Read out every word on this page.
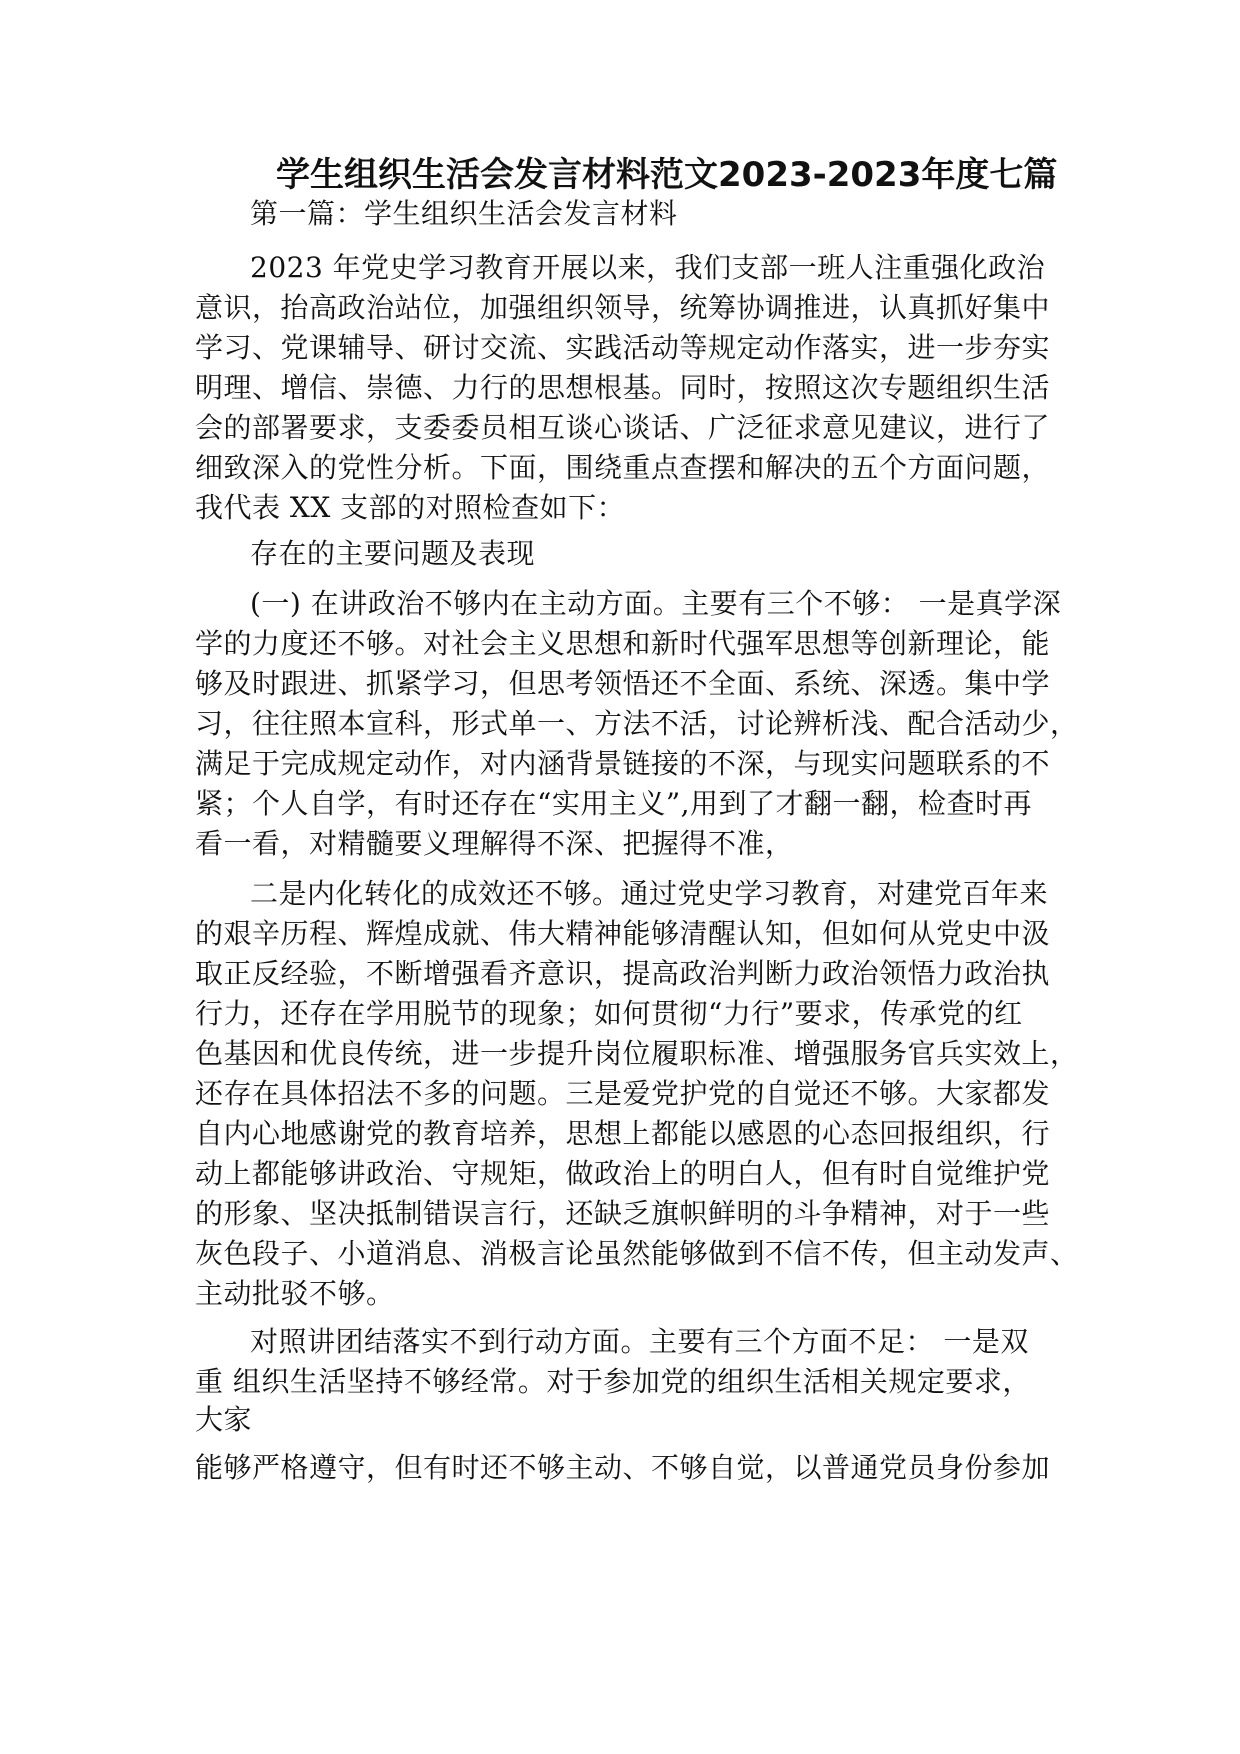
学生组织生活会发言材料范文2023-2023年度七篇
第一篇：学生组织生活会发言材料
2023 年党史学习教育开展以来，我们支部一班人注重强化政治
意识，抬高政治站位，加强组织领导，统筹协调推进，认真抓好集中
学习、党课辅导、研讨交流、实践活动等规定动作落实，进一步夯实
明理、增信、崇德、力行的思想根基。同时，按照这次专题组织生活
会的部署要求，支委委员相互谈心谈话、广泛征求意见建议，进行了
细致深入的党性分析。下面，围绕重点查摆和解决的五个方面问题，
我代表 XX 支部的对照检查如下：
存在的主要问题及表现
(一) 在讲政治不够内在主动方面。主要有三个不够： 一是真学深
学的力度还不够。对社会主义思想和新时代强军思想等创新理论，能
够及时跟进、抓紧学习，但思考领悟还不全面、系统、深透。集中学
习，往往照本宣科，形式单一、方法不活，讨论辨析浅、配合活动少，
满足于完成规定动作，对内涵背景链接的不深，与现实问题联系的不
紧；个人自学，有时还存在“实用主义”,用到了才翻一翻，检查时再
看一看，对精髓要义理解得不深、把握得不准，
二是内化转化的成效还不够。通过党史学习教育，对建党百年来
的艰辛历程、辉煌成就、伟大精神能够清醒认知，但如何从党史中汲
取正反经验，不断增强看齐意识，提高政治判断力政治领悟力政治执
行力，还存在学用脱节的现象；如何贯彻“力行”要求，传承党的红
色基因和优良传统，进一步提升岗位履职标准、增强服务官兵实效上，
还存在具体招法不多的问题。三是爱党护党的自觉还不够。大家都发
自内心地感谢党的教育培养，思想上都能以感恩的心态回报组织，行
动上都能够讲政治、守规矩，做政治上的明白人，但有时自觉维护党
的形象、坚决抵制错误言行，还缺乏旗帜鲜明的斗争精神，对于一些
灰色段子、小道消息、消极言论虽然能够做到不信不传，但主动发声、
主动批驳不够。
对照讲团结落实不到行动方面。主要有三个方面不足： 一是双
重 组织生活坚持不够经常。对于参加党的组织生活相关规定要求，
大家
能够严格遵守，但有时还不够主动、不够自觉，以普通党员身份参加
